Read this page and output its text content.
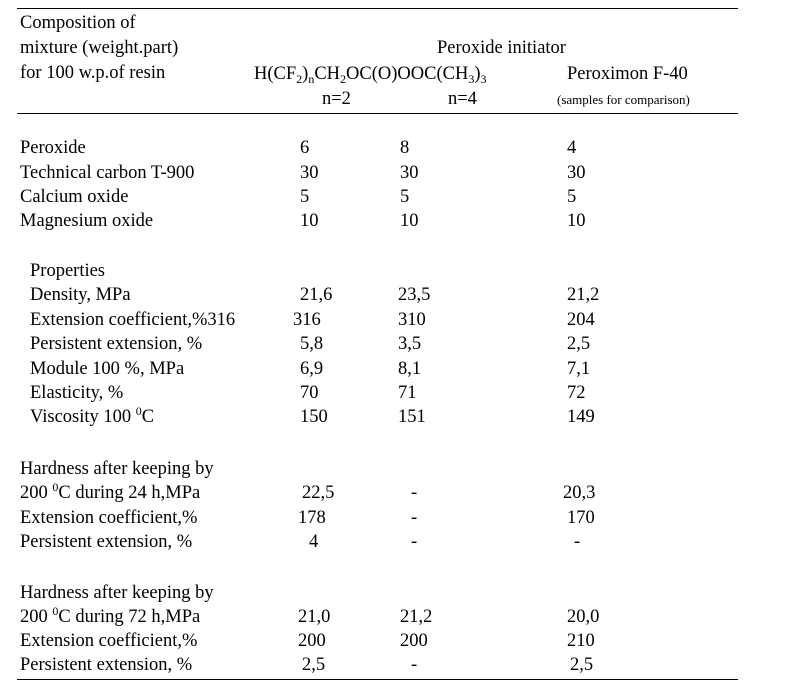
Composition of
mixture (weight.part)
for 100 w.p.of resin
Peroxide initiator
$H(CF_2)_nCH_2OC(O)OOC(CH_3)_3$	Peroximon F-40
n=2	n=4	(samples for comparison)
Peroxide	6	8	4
Technical carbon T-900	30	30	30
Calcium oxide	5	5	5
Magnesium oxide	10	10	10
Properties
Density, MPa	21,6	23,5	21,2
Extension coefficient,%316	316	310	204
Persistent extension, %	5,8	3,5	2,5
Module 100 %, MPa	6,9	8,1	7,1
Elasticity, %	70	71	72
Viscosity 100 $^0$C	150	151	149
Hardness after keeping by
200 $^0$C during 24 h,MPa	22,5	-	20,3
Extension coefficient,%	178	-	170
Persistent extension, %	4	-	-
Hardness after keeping by
200 $^0$C during 72 h,MPa	21,0	21,2	20,0
Extension coefficient,%	200	200	210
Persistent extension, %	2,5	-	2,5
